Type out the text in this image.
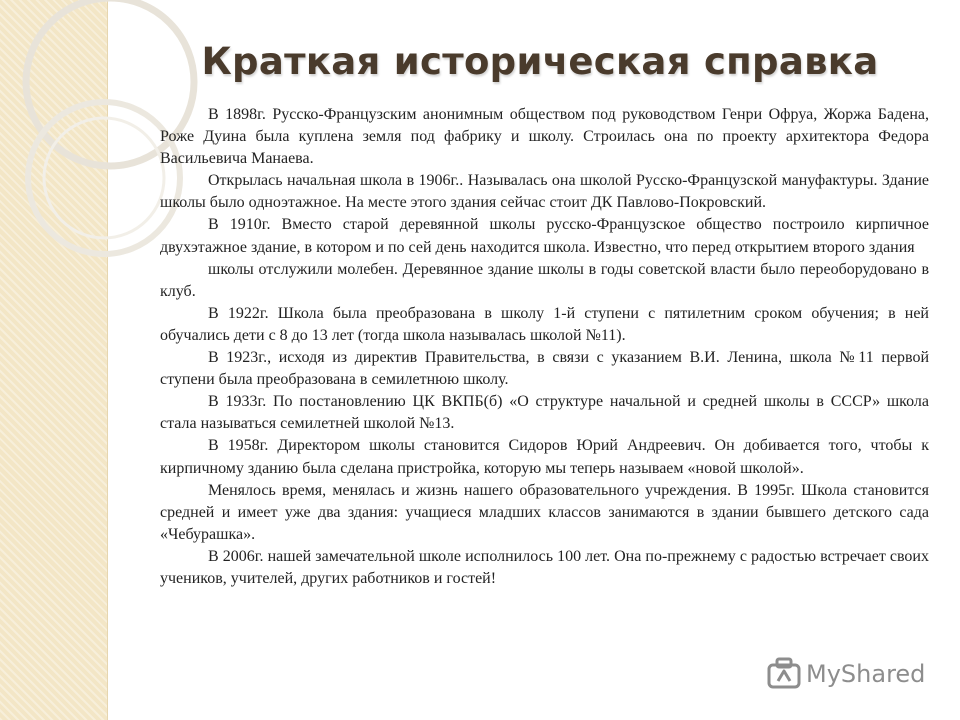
Краткая историческая справка

В 1898г. Русско-Французским анонимным обществом под руководством Генри Офруа, Жоржа Бадена, Роже Дуина была куплена земля под фабрику и школу. Строилась она по проекту архитектора Федора Васильевича Манаева.

Открылась начальная школа в 1906г.. Называлась она школой Русско-Французской мануфактуры. Здание школы было одноэтажное. На месте этого здания сейчас стоит ДК Павлово-Покровский.

В 1910г. Вместо старой деревянной школы русско-Французское общество построило кирпичное двухэтажное здание, в котором и по сей день находится школа. Известно, что перед открытием второго здания

школы отслужили молебен. Деревянное здание школы в годы советской власти было переоборудовано в клуб.

В 1922г. Школа была преобразована в школу 1-й ступени с пятилетним сроком обучения; в ней обучались дети с 8 до 13 лет (тогда школа называлась школой №11).

В 1923г., исходя из директив Правительства, в связи с указанием В.И. Ленина, школа №11 первой ступени была преобразована в семилетнюю школу.

В 1933г. По постановлению ЦК ВКПБ(б) «О структуре начальной и средней школы в СССР» школа стала называться семилетней школой №13.

В 1958г. Директором школы становится Сидоров Юрий Андреевич. Он добивается того, чтобы к кирпичному зданию была сделана пристройка, которую мы теперь называем «новой школой».

Менялось время, менялась и жизнь нашего образовательного учреждения. В 1995г. Школа становится средней и имеет уже два здания: учащиеся младших классов занимаются в здании бывшего детского сада «Чебурашка».

В 2006г. нашей замечательной школе исполнилось 100 лет. Она по-прежнему с радостью встречает своих учеников, учителей, других работников и гостей!

MyShared
